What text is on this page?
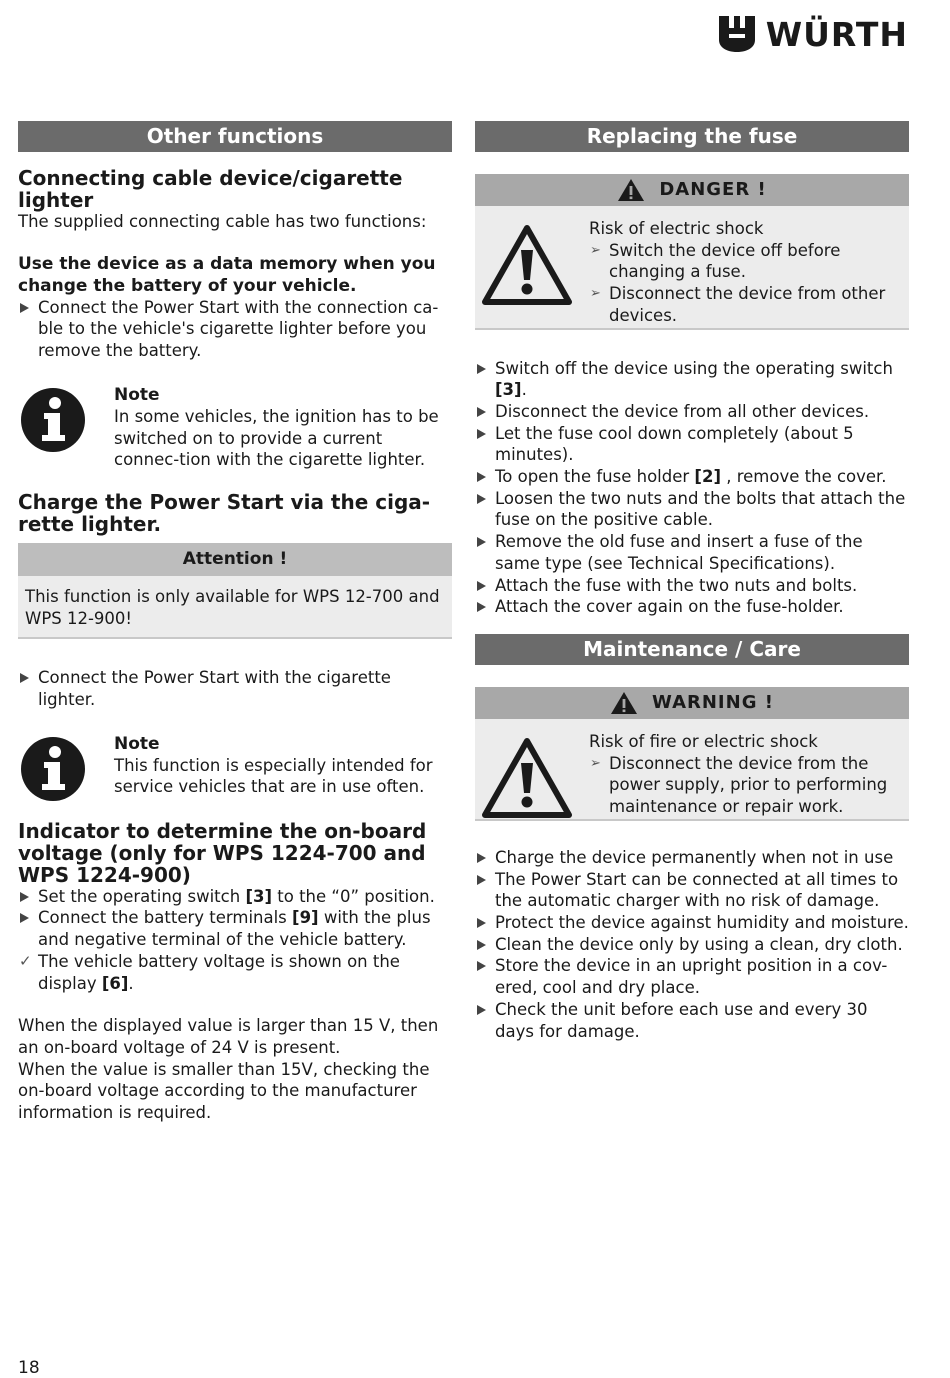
WÜRTH
Other functions
Connecting cable device/cigarette lighter

The supplied connecting cable has two functions:

Use the device as a data memory when you change the battery of your vehicle.
Connect the Power Start with the connection ca-ble to the vehicle's cigarette lighter before you remove the battery.
Note

In some vehicles, the ignition has to be switched on to provide a current connec-tion with the cigarette lighter.

Charge the Power Start via the ciga-rette lighter.
Attention !

This function is only available for WPS 12-700 and WPS 12-900!

Connect the Power Start with the cigarette lighter.
Note

This function is especially intended for service vehicles that are in use often.

Indicator to determine the on-board voltage (only for WPS 1224-700 and WPS 1224-900)
Set the operating switch [3] to the “0” position.
Connect the battery terminals [9] with the plus and negative terminal of the vehicle battery.
✓ The vehicle battery voltage is shown on the display [6].

When the displayed value is larger than 15 V, then an on-board voltage of 24 V is present.

When the value is smaller than 15V, checking the on-board voltage according to the manufacturer information is required.

Replacing the fuse
DANGER !

Risk of electric shock

➢ Switch the device off before changing a fuse.
➢ Disconnect the device from other devices.
Switch off the device using the operating switch [3].
Disconnect the device from all other devices.
Let the fuse cool down completely (about 5 minutes).
To open the fuse holder [2] , remove the cover.
Loosen the two nuts and the bolts that attach the fuse on the positive cable.
Remove the old fuse and insert a fuse of the same type (see Technical Specifications).
Attach the fuse with the two nuts and bolts.
Attach the cover again on the fuse-holder.
Maintenance / Care
WARNING !

Risk of fire or electric shock

➢ Disconnect the device from the power supply, prior to performing maintenance or repair work.
Charge the device permanently when not in use
The Power Start can be connected at all times to the automatic charger with no risk of damage.
Protect the device against humidity and moisture.
Clean the device only by using a clean, dry cloth.
Store the device in an upright position in a cov-ered, cool and dry place.
Check the unit before each use and every 30 days for damage.
18
